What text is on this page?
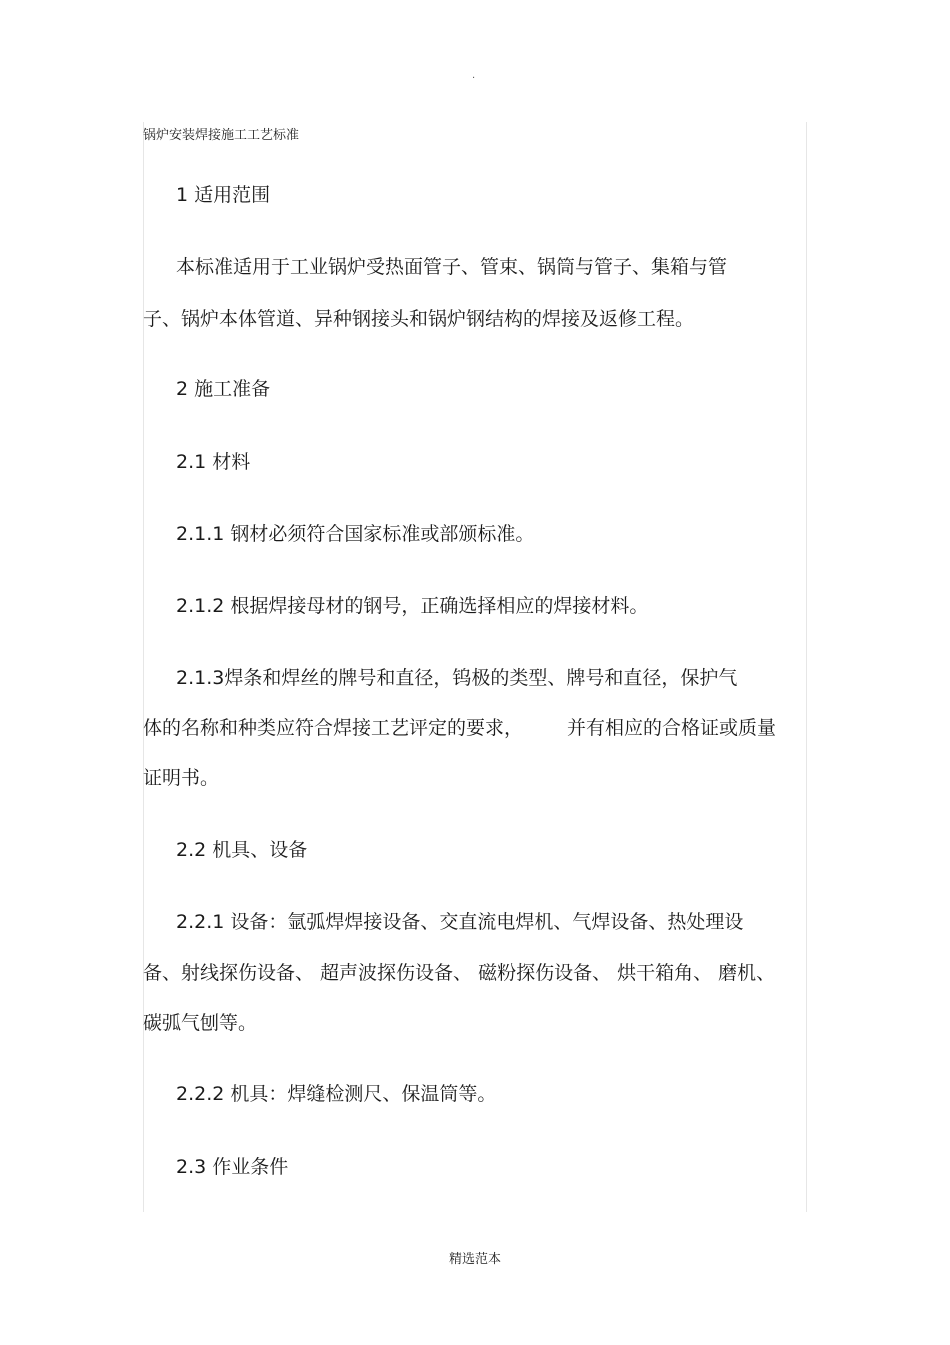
.
锅炉安装焊接施工工艺标准
1 适用范围
本标准适用于工业锅炉受热面管子、管束、锅筒与管子、集箱与管
子、锅炉本体管道、异种钢接头和锅炉钢结构的焊接及返修工程。
2 施工准备
2.1 材料
2.1.1 钢材必须符合国家标准或部颁标准。
2.1.2 根据焊接母材的钢号，正确选择相应的焊接材料。
2.1.3焊条和焊丝的牌号和直径，钨极的类型、牌号和直径，保护气
体的名称和种类应符合焊接工艺评定的要求， 并有相应的合格证或质量
证明书。
2.2 机具、设备
2.2.1 设备：氩弧焊焊接设备、交直流电焊机、气焊设备、热处理设
备、射线探伤设备、 超声波探伤设备、 磁粉探伤设备、 烘干箱角、 磨机、
碳弧气刨等。
2.2.2 机具：焊缝检测尺、保温筒等。
2.3 作业条件
精选范本
